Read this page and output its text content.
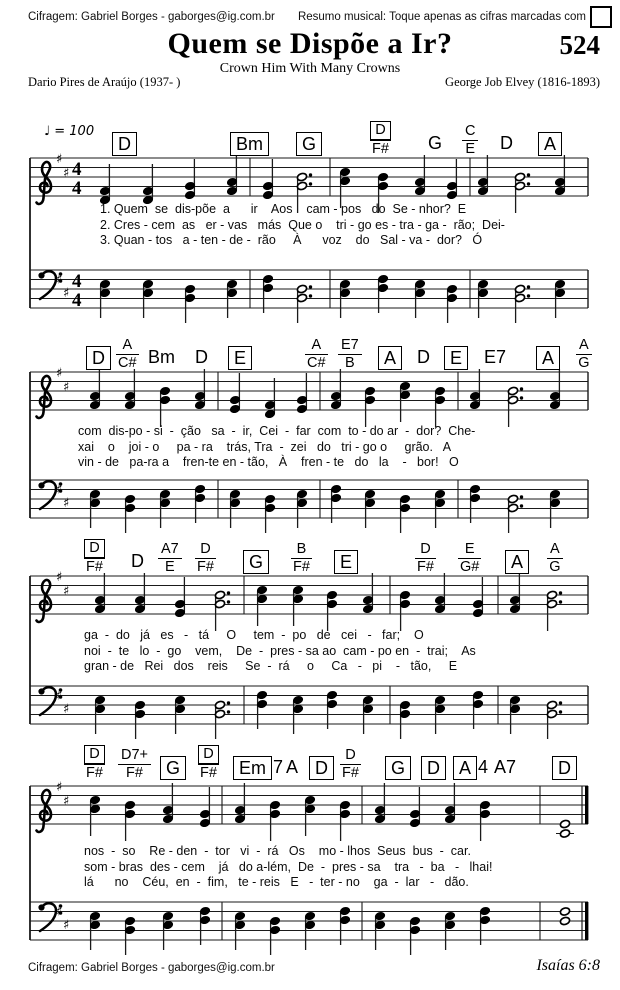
Cifragem: Gabriel Borges - gaborges@ig.com.br Resumo musical: Toque apenas as cifras marcadas com
Quem se Dispõe a Ir?	524
Crown Him With Many Crowns
Dario Pires de Araújo (1937- )	George Job Elvey (1816-1893)
♩ = 100
♯
♯
♯
♯
4
4
4
4
♯
♯
♯
♯
♯
♯
♯
♯
♯
♯
♯
♯
D	Bm	G
D
F# G
C
E D	A
D
A
C# Bm D	E
A
C#
E7
B	A	D	E	E7	A
A
G
D
F# D
A7
E
D
F#	G
B
F#	E
D
F#
E
G#	A
A
G
D
F#
D7+
F#	G
D
F#	Em 7 A D
D
F#	G	D	A 4 A7	D
1. Quem  se  dis-põe  a      ir    Aos    cam - pos   do  Se - nhor?  E
2. Cres - cem  as   er - vas   más  Que o    tri - go es - tra - ga -  rão;  Dei-
3. Quan - tos   a - ten - de -  rão     À      voz    do   Sal - va -  dor?   Ó
com  dis-po - si  -  ção   sa  -  ir,  Cei  -  far  com  to - do ar  -  dor?  Che-
xai    o    joi - o     pa - ra    trás, Tra  -  zei   do   tri - go o     grão.   A
vin - de   pa-ra a    fren-te en - tão,   À    fren - te   do   la    -   bor!   O
ga  -  do   já   es   -   tá     O     tem  -  po   de   cei   -   far;    O
noi  -  te   lo  -  go    vem,    De  -  pres - sa ao  cam - po en  -  trai;    As
gran - de   Rei   dos    reis     Se  -  rá     o     Ca   -   pi    -   tão,     E
nos  -  so    Re - den  -  tor   vi  -  rá   Os    mo - lhos  Seus  bus  -  car.
som - bras  des - cem    já   do a-lém,  De  -  pres - sa    tra   -  ba   -   lhai!
lá      no    Céu,  en  -  fim,   te - reis   E   -  ter - no    ga  -  lar   -   dão.
Cifragem: Gabriel Borges - gaborges@ig.com.br	Isaías 6:8
